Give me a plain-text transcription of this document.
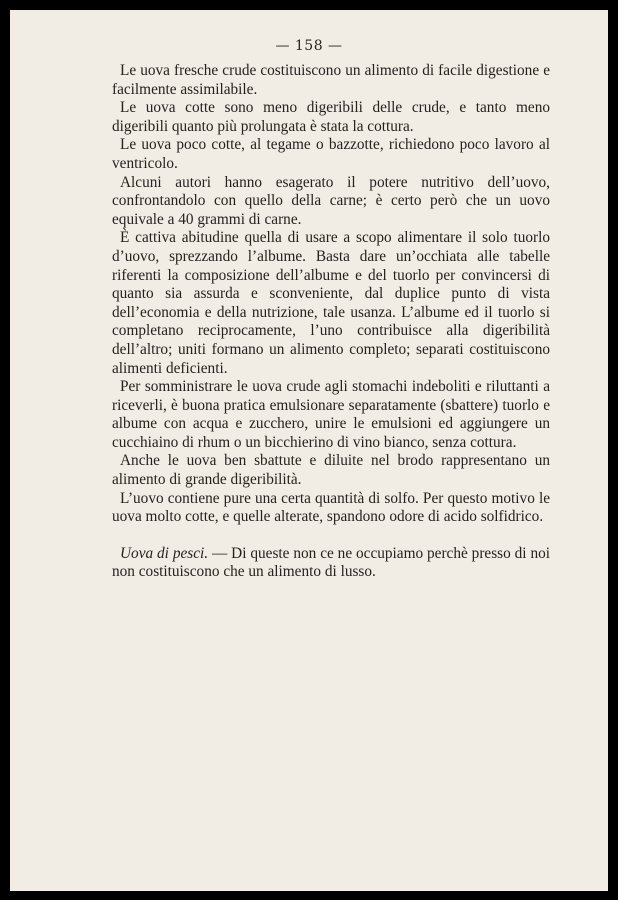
— 158 —

Le uova fresche crude costituiscono un alimento di facile digestione e facilmente assimilabile.

Le uova cotte sono meno digeribili delle crude, e tanto meno digeribili quanto più prolungata è stata la cottura.

Le uova poco cotte, al tegame o bazzotte, richiedono poco lavoro al ventricolo.

Alcuni autori hanno esagerato il potere nutritivo dell’uovo, confrontandolo con quello della carne; è certo però che un uovo equivale a 40 grammi di carne.

È cattiva abitudine quella di usare a scopo alimentare il solo tuorlo d’uovo, sprezzando l’albume. Basta dare un’occhiata alle tabelle riferenti la composizione dell’albume e del tuorlo per convincersi di quanto sia assurda e sconveniente, dal duplice punto di vista dell’economia e della nutrizione, tale usanza. L’albume ed il tuorlo si completano reciprocamente, l’uno contribuisce alla digeribilità dell’altro; uniti formano un alimento completo; separati costituiscono alimenti deficienti.

Per somministrare le uova crude agli stomachi indeboliti e riluttanti a riceverli, è buona pratica emulsionare separatamente (sbattere) tuorlo e albume con acqua e zucchero, unire le emulsioni ed aggiungere un cucchiaino di rhum o un bicchierino di vino bianco, senza cottura.

Anche le uova ben sbattute e diluite nel brodo rappresentano un alimento di grande digeribilità.

L’uovo contiene pure una certa quantità di solfo. Per questo motivo le uova molto cotte, e quelle alterate, spandono odore di acido solfidrico.

Uova di pesci. — Di queste non ce ne occupiamo perchè presso di noi non costituiscono che un alimento di lusso.
